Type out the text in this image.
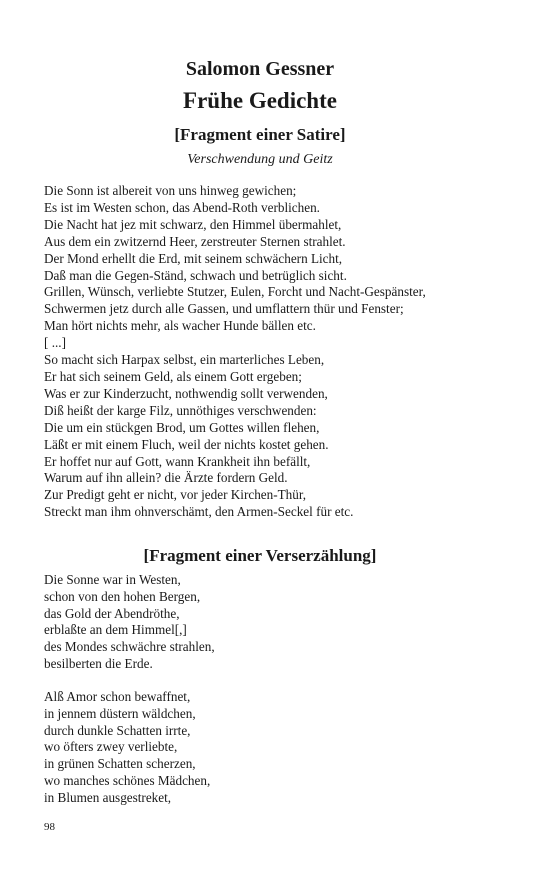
Salomon Gessner
Frühe Gedichte
[Fragment einer Satire]
Verschwendung und Geitz
Die Sonn ist albereit von uns hinweg gewichen;
Es ist im Westen schon, das Abend-Roth verblichen.
Die Nacht hat jez mit schwarz, den Himmel übermahlet,
Aus dem ein zwitzernd Heer, zerstreuter Sternen strahlet.
Der Mond erhellt die Erd, mit seinem schwächern Licht,
Daß man die Gegen-Ständ, schwach und betrüglich sicht.
Grillen, Wünsch, verliebte Stutzer, Eulen, Forcht und Nacht-Gespänster,
Schwermen jetz durch alle Gassen, und umflattern thür und Fenster;
Man hört nichts mehr, als wacher Hunde bällen etc.
[ ...]
So macht sich Harpax selbst, ein marterliches Leben,
Er hat sich seinem Geld, als einem Gott ergeben;
Was er zur Kinderzucht, nothwendig sollt verwenden,
Diß heißt der karge Filz, unnöthiges verschwenden:
Die um ein stückgen Brod, um Gottes willen flehen,
Läßt er mit einem Fluch, weil der nichts kostet gehen.
Er hoffet nur auf Gott, wann Krankheit ihn befällt,
Warum auf ihn allein? die Ärzte fordern Geld.
Zur Predigt geht er nicht, vor jeder Kirchen-Thür,
Streckt man ihm ohnverschämt, den Armen-Seckel für etc.
[Fragment einer Verserzählung]
Die Sonne war in Westen,
schon von den hohen Bergen,
das Gold der Abendröthe,
erblaßte an dem Himmel[,]
des Mondes schwächre strahlen,
besilberten die Erde.
Alß Amor schon bewaffnet,
in jennem düstern wäldchen,
durch dunkle Schatten irrte,
wo öfters zwey verliebte,
in grünen Schatten scherzen,
wo manches schönes Mädchen,
in Blumen ausgestreket,
98
